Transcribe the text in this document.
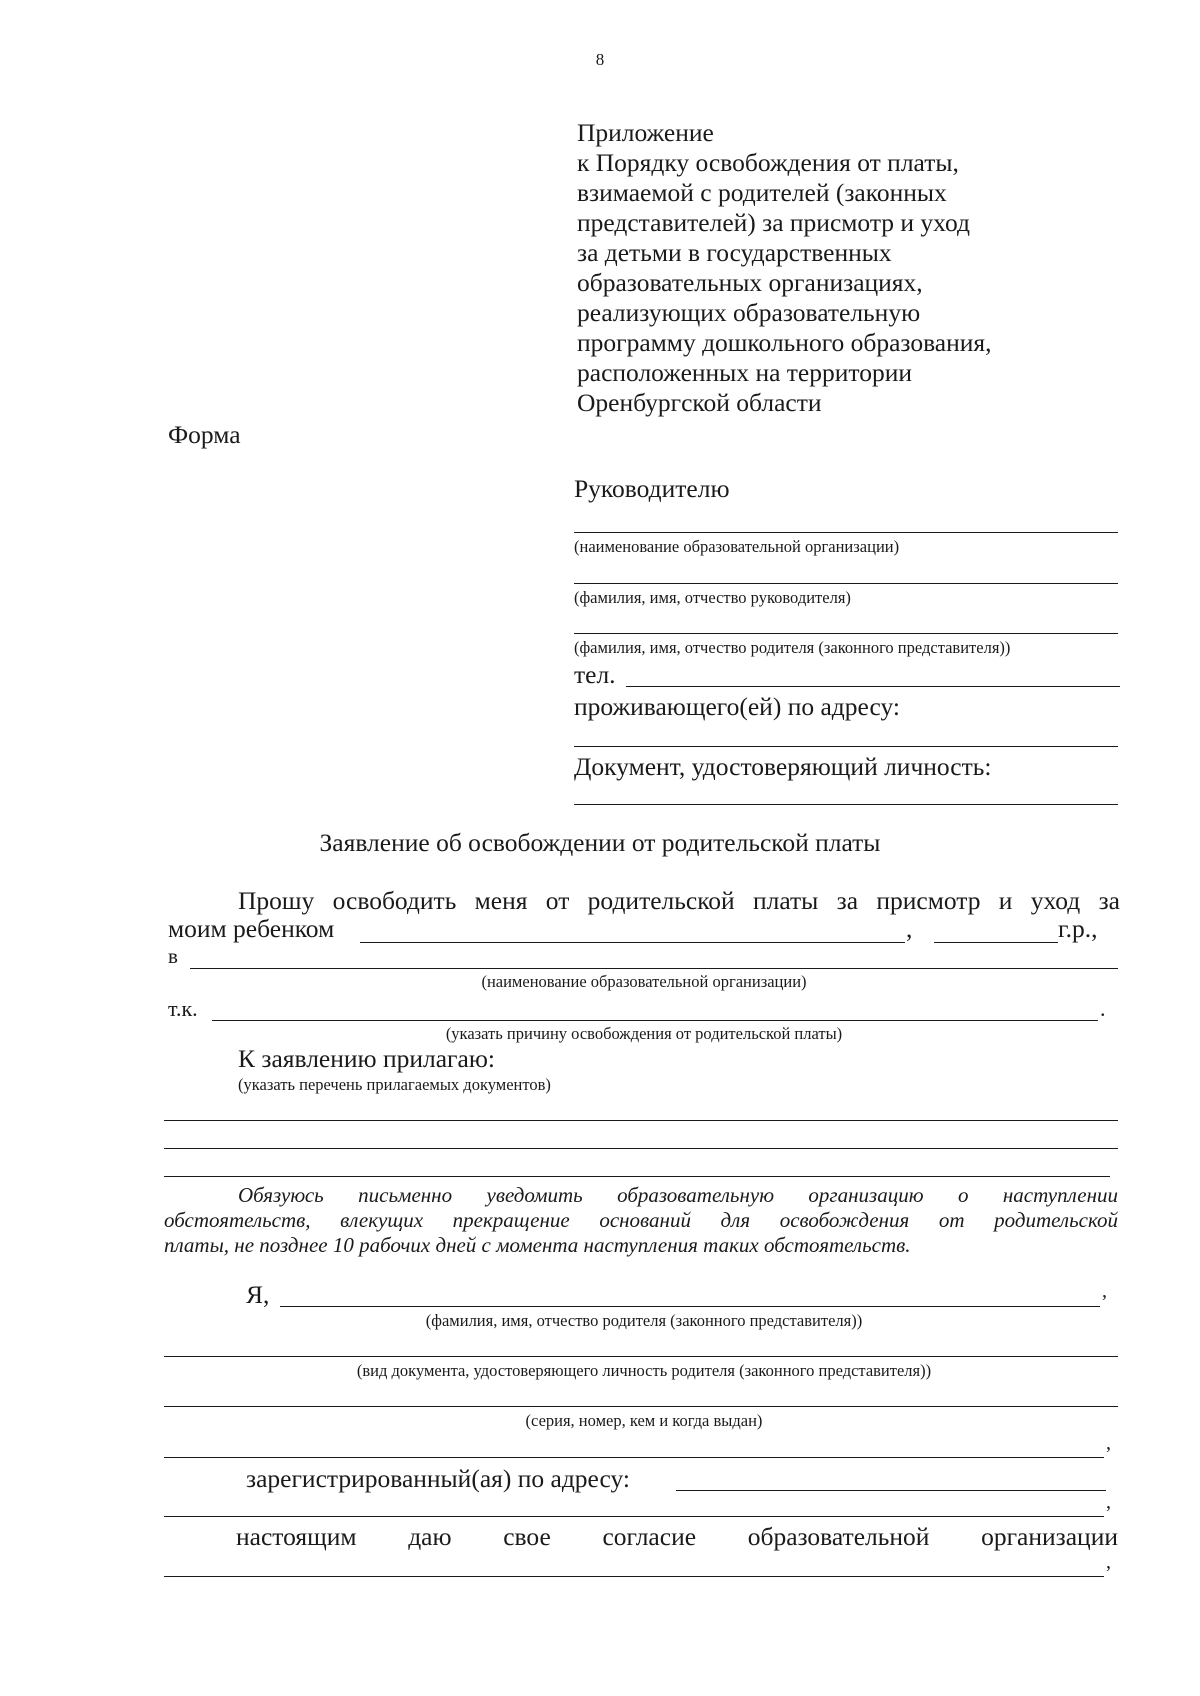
8
Приложение
к Порядку освобождения от платы,
взимаемой с родителей (законных
представителей) за присмотр и уход
за детьми в государственных
образовательных организациях,
реализующих образовательную
программу дошкольного образования,
расположенных на территории
Оренбургской области
Форма
Руководителю
(наименование образовательной организации)
(фамилия, имя, отчество руководителя)
(фамилия, имя, отчество родителя (законного представителя))
тел.
проживающего(ей) по адресу:
Документ, удостоверяющий личность:
Заявление об освобождении от родительской платы
Прошу освободить меня от родительской платы за присмотр и уход за
моим ребенком	,	г.р.,
в
(наименование образовательной организации)
т.к.	.
(указать причину освобождения от родительской платы)
К заявлению прилагаю:
(указать перечень прилагаемых документов)
Обязуюсь письменно уведомить образовательную организацию о наступлении
обстоятельств, влекущих прекращение оснований для освобождения от родительской
платы, не позднее 10 рабочих дней с момента наступления таких обстоятельств.
Я,	,
(фамилия, имя, отчество родителя (законного представителя))
(вид документа, удостоверяющего личность родителя (законного представителя))
(серия, номер, кем и когда выдан)
,
зарегистрированный(ая) по адресу:
,
настоящим даю свое согласие образовательной организации
,
